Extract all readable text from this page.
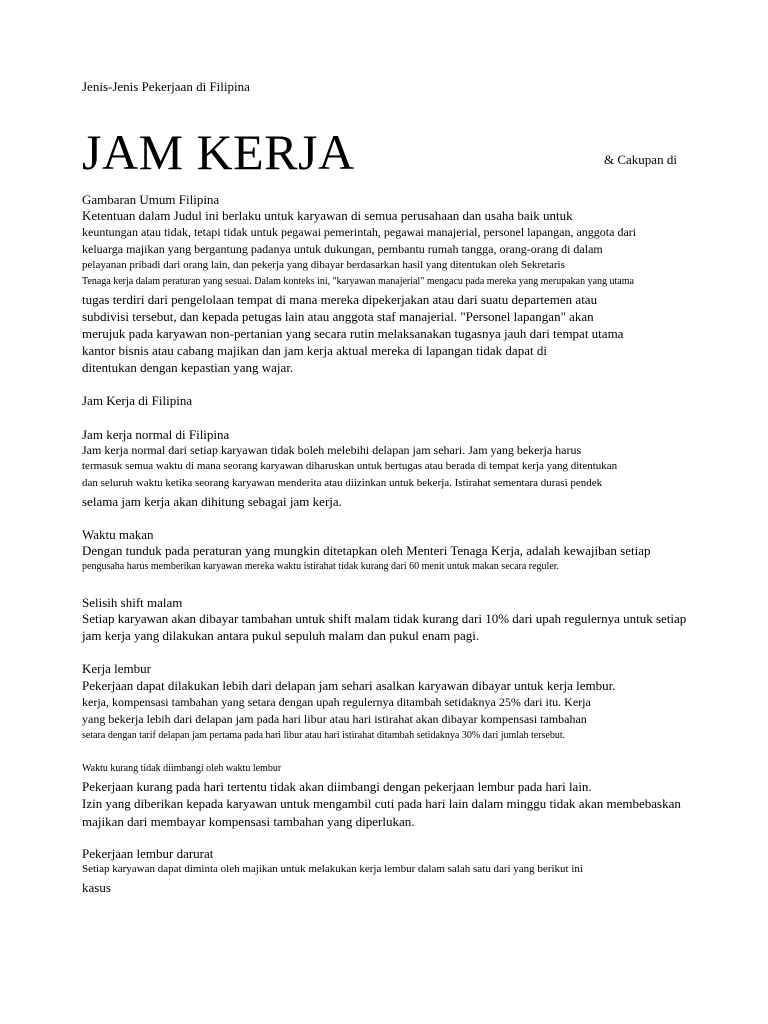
Jenis-Jenis Pekerjaan di Filipina
JAM KERJA	& Cakupan di
Gambaran Umum Filipina
Ketentuan dalam Judul ini berlaku untuk karyawan di semua perusahaan dan usaha baik untuk
keuntungan atau tidak, tetapi tidak untuk pegawai pemerintah, pegawai manajerial, personel lapangan, anggota dari
keluarga majikan yang bergantung padanya untuk dukungan, pembantu rumah tangga, orang-orang di dalam
pelayanan pribadi dari orang lain, dan pekerja yang dibayar berdasarkan hasil yang ditentukan oleh Sekretaris
Tenaga kerja dalam peraturan yang sesuai. Dalam konteks ini, "karyawan manajerial" mengacu pada mereka yang merupakan yang utama
tugas terdiri dari pengelolaan tempat di mana mereka dipekerjakan atau dari suatu departemen atau
subdivisi tersebut, dan kepada petugas lain atau anggota staf manajerial. "Personel lapangan" akan
merujuk pada karyawan non-pertanian yang secara rutin melaksanakan tugasnya jauh dari tempat utama
kantor bisnis atau cabang majikan dan jam kerja aktual mereka di lapangan tidak dapat di
ditentukan dengan kepastian yang wajar.
Jam Kerja di Filipina
Jam kerja normal di Filipina
Jam kerja normal dari setiap karyawan tidak boleh melebihi delapan jam sehari. Jam yang bekerja harus
termasuk semua waktu di mana seorang karyawan diharuskan untuk bertugas atau berada di tempat kerja yang ditentukan
dan seluruh waktu ketika seorang karyawan menderita atau diizinkan untuk bekerja. Istirahat sementara durasi pendek
selama jam kerja akan dihitung sebagai jam kerja.
Waktu makan
Dengan tunduk pada peraturan yang mungkin ditetapkan oleh Menteri Tenaga Kerja, adalah kewajiban setiap
pengusaha harus memberikan karyawan mereka waktu istirahat tidak kurang dari 60 menit untuk makan secara reguler.
Selisih shift malam
Setiap karyawan akan dibayar tambahan untuk shift malam tidak kurang dari 10% dari upah regulernya untuk setiap
jam kerja yang dilakukan antara pukul sepuluh malam dan pukul enam pagi.
Kerja lembur
Pekerjaan dapat dilakukan lebih dari delapan jam sehari asalkan karyawan dibayar untuk kerja lembur.
kerja, kompensasi tambahan yang setara dengan upah regulernya ditambah setidaknya 25% dari itu. Kerja
yang bekerja lebih dari delapan jam pada hari libur atau hari istirahat akan dibayar kompensasi tambahan
setara dengan tarif delapan jam pertama pada hari libur atau hari istirahat ditambah setidaknya 30% dari jumlah tersebut.
Waktu kurang tidak diimbangi oleh waktu lembur
Pekerjaan kurang pada hari tertentu tidak akan diimbangi dengan pekerjaan lembur pada hari lain.
Izin yang diberikan kepada karyawan untuk mengambil cuti pada hari lain dalam minggu tidak akan membebaskan
majikan dari membayar kompensasi tambahan yang diperlukan.
Pekerjaan lembur darurat
Setiap karyawan dapat diminta oleh majikan untuk melakukan kerja lembur dalam salah satu dari yang berikut ini
kasus
